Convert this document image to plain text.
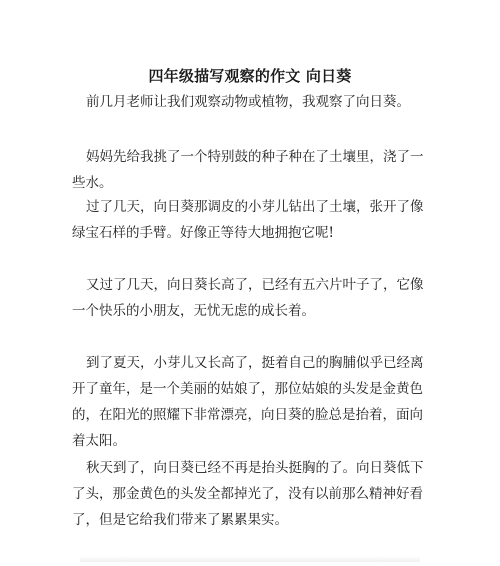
四年级描写观察的作文 向日葵

前几月老师让我们观察动物或植物，我观察了向日葵。

妈妈先给我挑了一个特别鼓的种子种在了土壤里，浇了一些水。

过了几天，向日葵那调皮的小芽儿钻出了土壤，张开了像绿宝石样的手臂。好像正等待大地拥抱它呢!

又过了几天，向日葵长高了，已经有五六片叶子了，它像一个快乐的小朋友，无忧无虑的成长着。

到了夏天，小芽儿又长高了，挺着自己的胸脯似乎已经离开了童年，是一个美丽的姑娘了，那位姑娘的头发是金黄色的，在阳光的照耀下非常漂亮，向日葵的脸总是抬着，面向着太阳。

秋天到了，向日葵已经不再是抬头挺胸的了。向日葵低下了头，那金黄色的头发全都掉光了，没有以前那么精神好看了，但是它给我们带来了累累果实。
